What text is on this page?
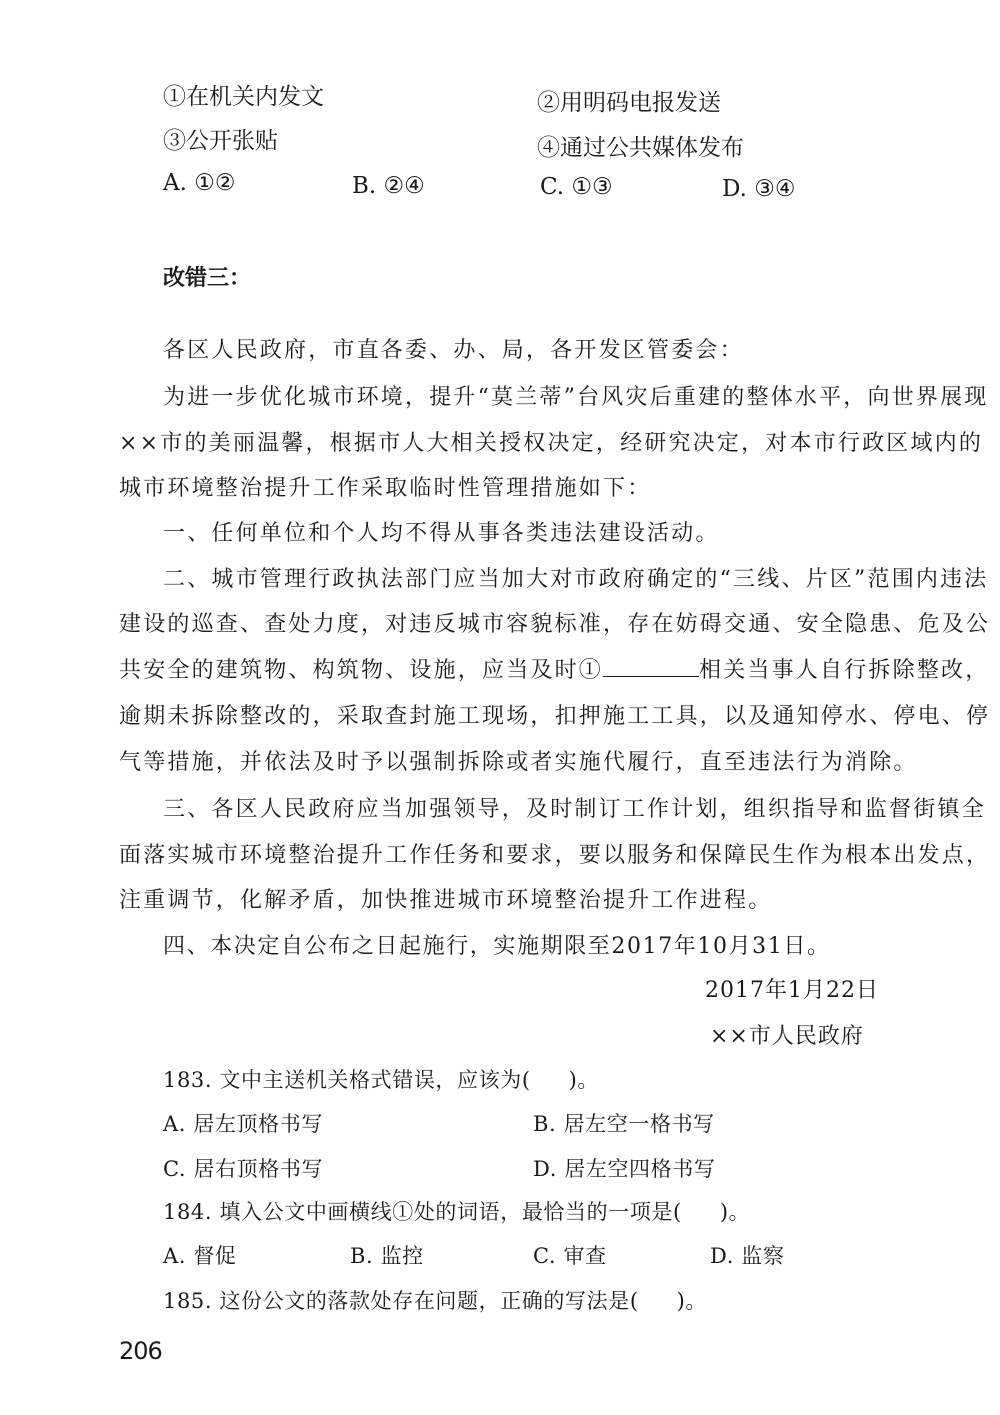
①在机关内发文	②用明码电报发送
③公开张贴	④通过公共媒体发布
A. ①②	B. ②④	C. ①③	D. ③④
改错三：
各区人民政府，市直各委、办、局，各开发区管委会：
为进一步优化城市环境，提升“莫兰蒂”台风灾后重建的整体水平，向世界展现
××市的美丽温馨，根据市人大相关授权决定，经研究决定，对本市行政区域内的
城市环境整治提升工作采取临时性管理措施如下：
一、任何单位和个人均不得从事各类违法建设活动。
二、城市管理行政执法部门应当加大对市政府确定的“三线、片区”范围内违法
建设的巡查、查处力度，对违反城市容貌标准，存在妨碍交通、安全隐患、危及公
共安全的建筑物、构筑物、设施，应当及时①	相关当事人自行拆除整改，
逾期未拆除整改的，采取查封施工现场，扣押施工工具，以及通知停水、停电、停
气等措施，并依法及时予以强制拆除或者实施代履行，直至违法行为消除。
三、各区人民政府应当加强领导，及时制订工作计划，组织指导和监督街镇全
面落实城市环境整治提升工作任务和要求，要以服务和保障民生作为根本出发点，
注重调节，化解矛盾，加快推进城市环境整治提升工作进程。
四、本决定自公布之日起施行，实施期限至2017年10月31日。
2017年1月22日
××市人民政府
183. 文中主送机关格式错误，应该为( )。
A. 居左顶格书写	B. 居左空一格书写
C. 居右顶格书写	D. 居左空四格书写
184. 填入公文中画横线①处的词语，最恰当的一项是( )。
A. 督促	B. 监控	C. 审查	D. 监察
185. 这份公文的落款处存在问题，正确的写法是( )。
206
